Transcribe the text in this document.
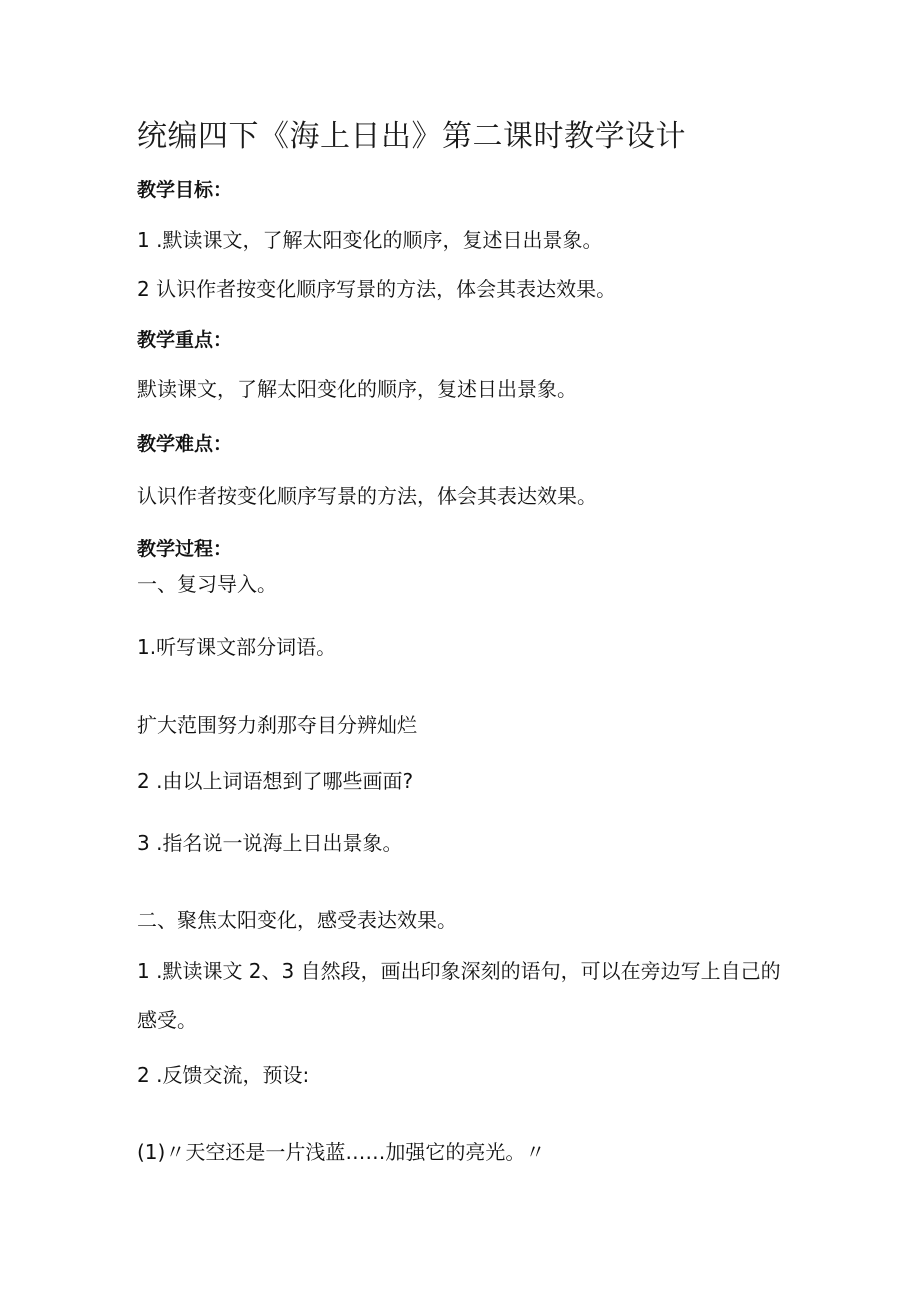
统编四下《海上日出》第二课时教学设计
教学目标：
1 .默读课文，了解太阳变化的顺序，复述日出景象。
2 认识作者按变化顺序写景的方法，体会其表达效果。
教学重点：
默读课文，了解太阳变化的顺序，复述日出景象。
教学难点：
认识作者按变化顺序写景的方法，体会其表达效果。
教学过程：
一、复习导入。
1.听写课文部分词语。
扩大范围努力刹那夺目分辨灿烂
2 .由以上词语想到了哪些画面?
3 .指名说一说海上日出景象。
二、聚焦太阳变化，感受表达效果。
1 .默读课文 2、3 自然段，画出印象深刻的语句，可以在旁边写上自己的
感受。
2 .反馈交流，预设:
(1)〃天空还是一片浅蓝……加强它的亮光。〃
